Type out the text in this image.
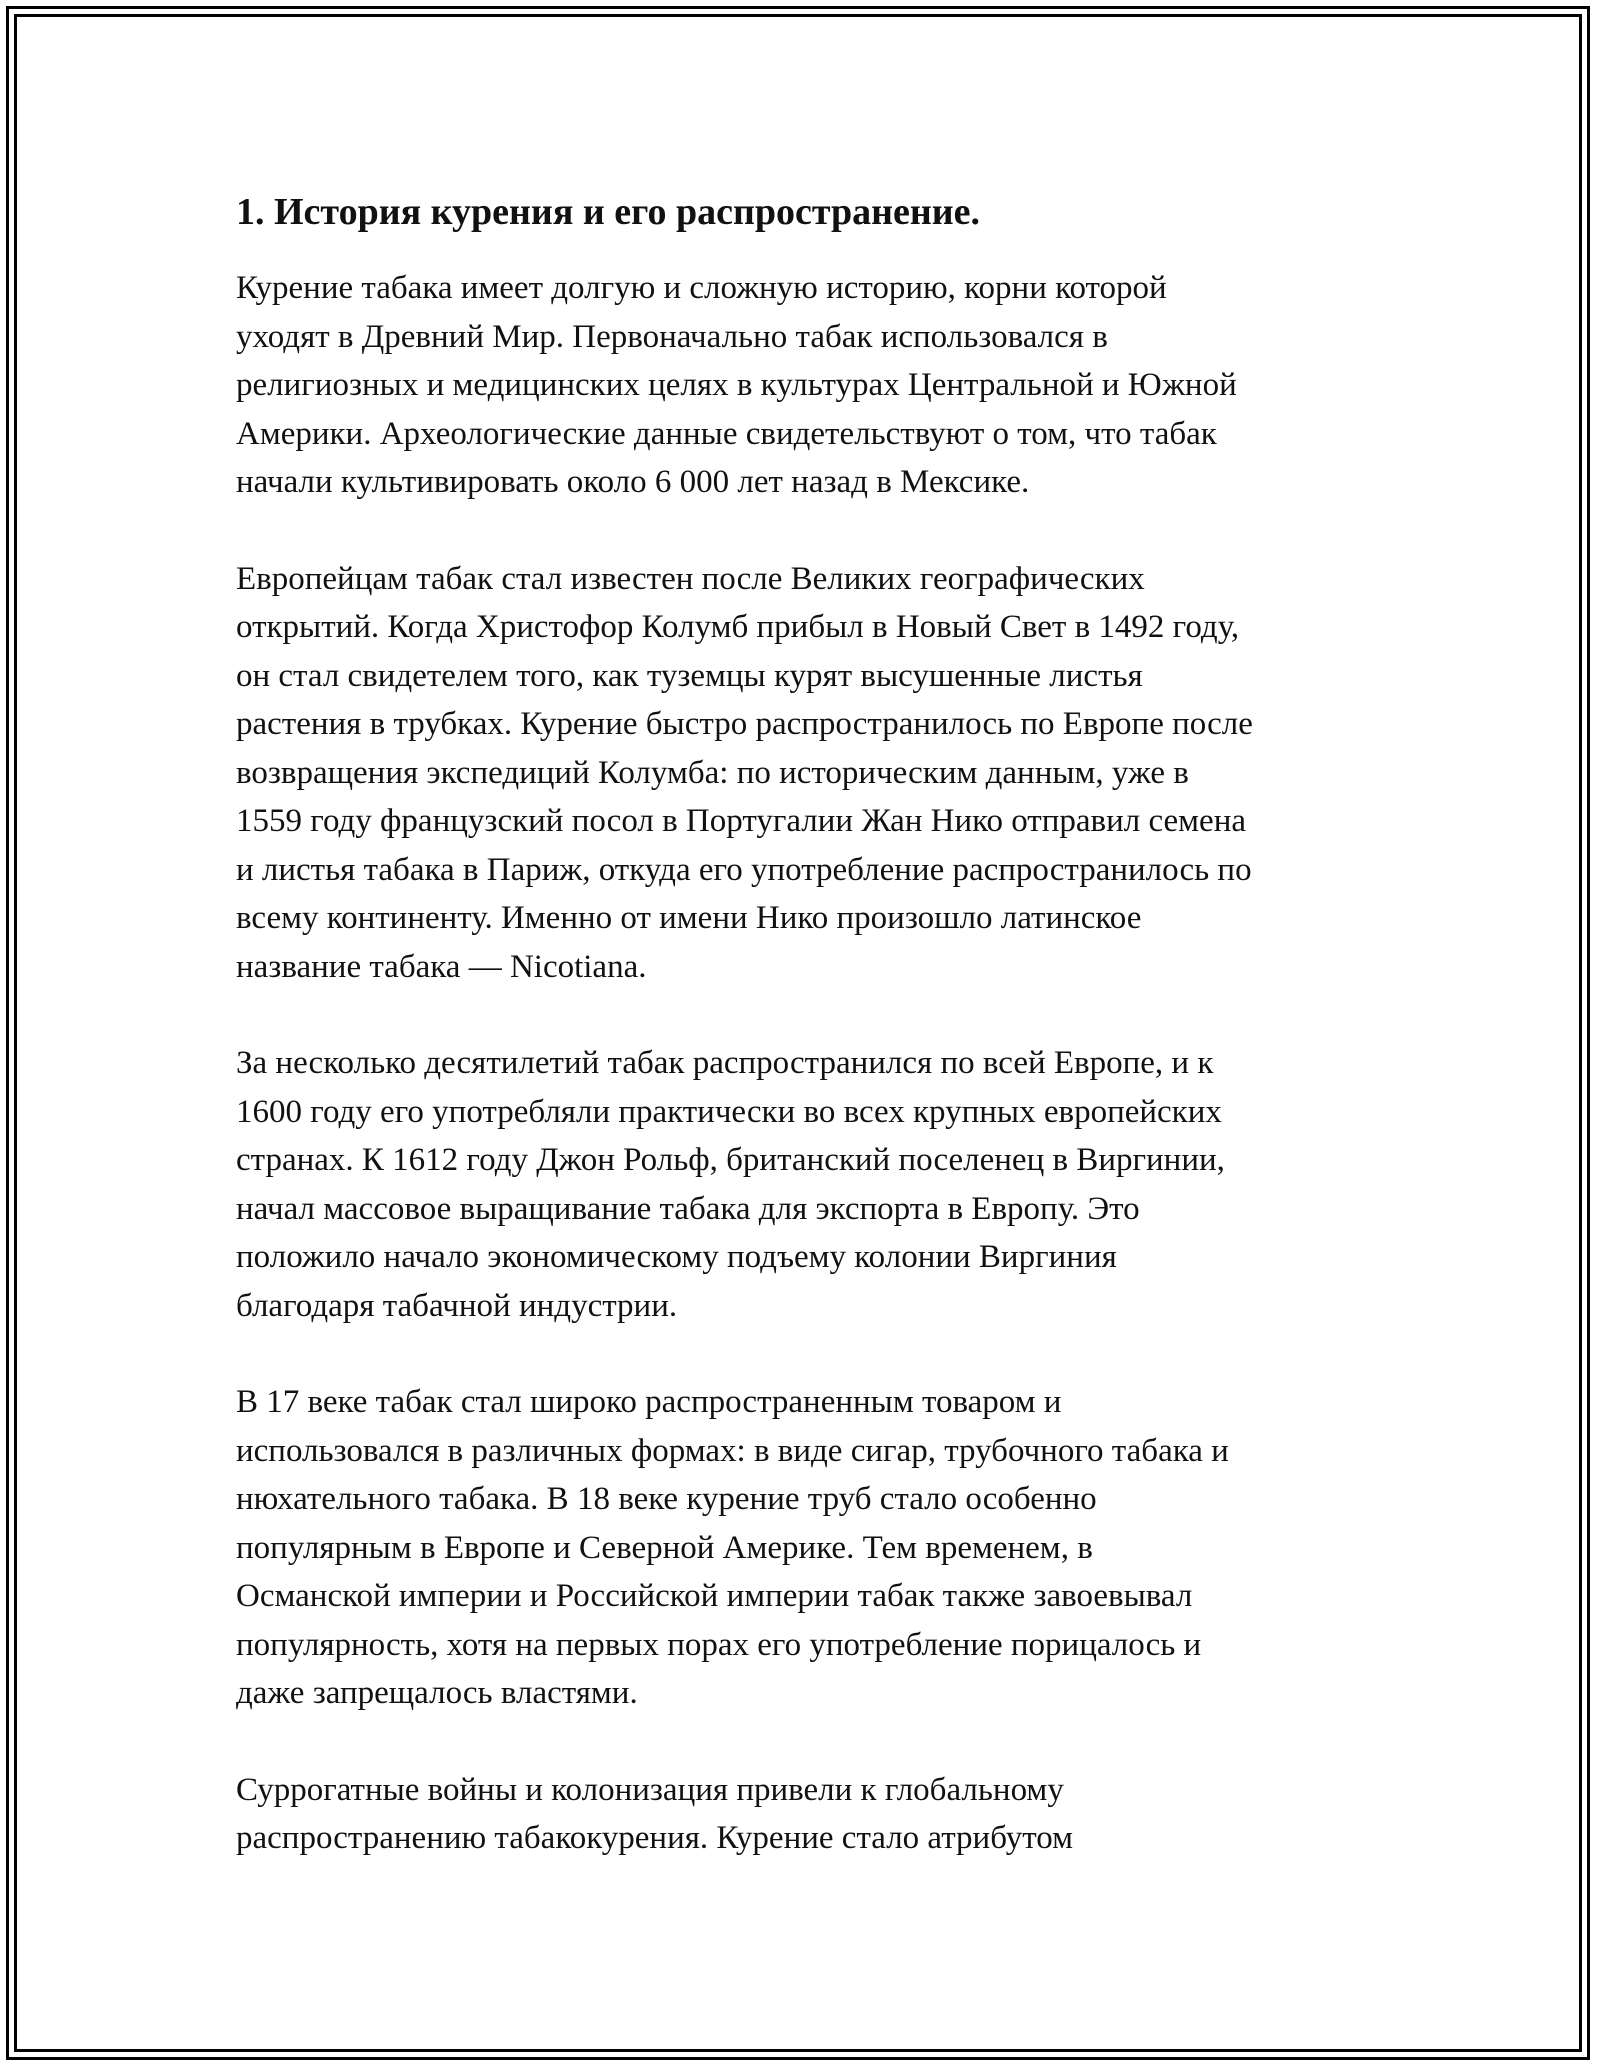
1. История курения и его распространение.
Курение табака имеет долгую и сложную историю, корни которой
уходят в Древний Мир. Первоначально табак использовался в
религиозных и медицинских целях в культурах Центральной и Южной
Америки. Археологические данные свидетельствуют о том, что табак
начали культивировать около 6 000 лет назад в Мексике.
Европейцам табак стал известен после Великих географических
открытий. Когда Христофор Колумб прибыл в Новый Свет в 1492 году,
он стал свидетелем того, как туземцы курят высушенные листья
растения в трубках. Курение быстро распространилось по Европе после
возвращения экспедиций Колумба: по историческим данным, уже в
1559 году французский посол в Португалии Жан Нико отправил семена
и листья табака в Париж, откуда его употребление распространилось по
всему континенту. Именно от имени Нико произошло латинское
название табака — Nicotiana.
За несколько десятилетий табак распространился по всей Европе, и к
1600 году его употребляли практически во всех крупных европейских
странах. К 1612 году Джон Рольф, британский поселенец в Виргинии,
начал массовое выращивание табака для экспорта в Европу. Это
положило начало экономическому подъему колонии Виргиния
благодаря табачной индустрии.
В 17 веке табак стал широко распространенным товаром и
использовался в различных формах: в виде сигар, трубочного табака и
нюхательного табака. В 18 веке курение труб стало особенно
популярным в Европе и Северной Америке. Тем временем, в
Османской империи и Российской империи табак также завоевывал
популярность, хотя на первых порах его употребление порицалось и
даже запрещалось властями.
Суррогатные войны и колонизация привели к глобальному
распространению табакокурения. Курение стало атрибутом
